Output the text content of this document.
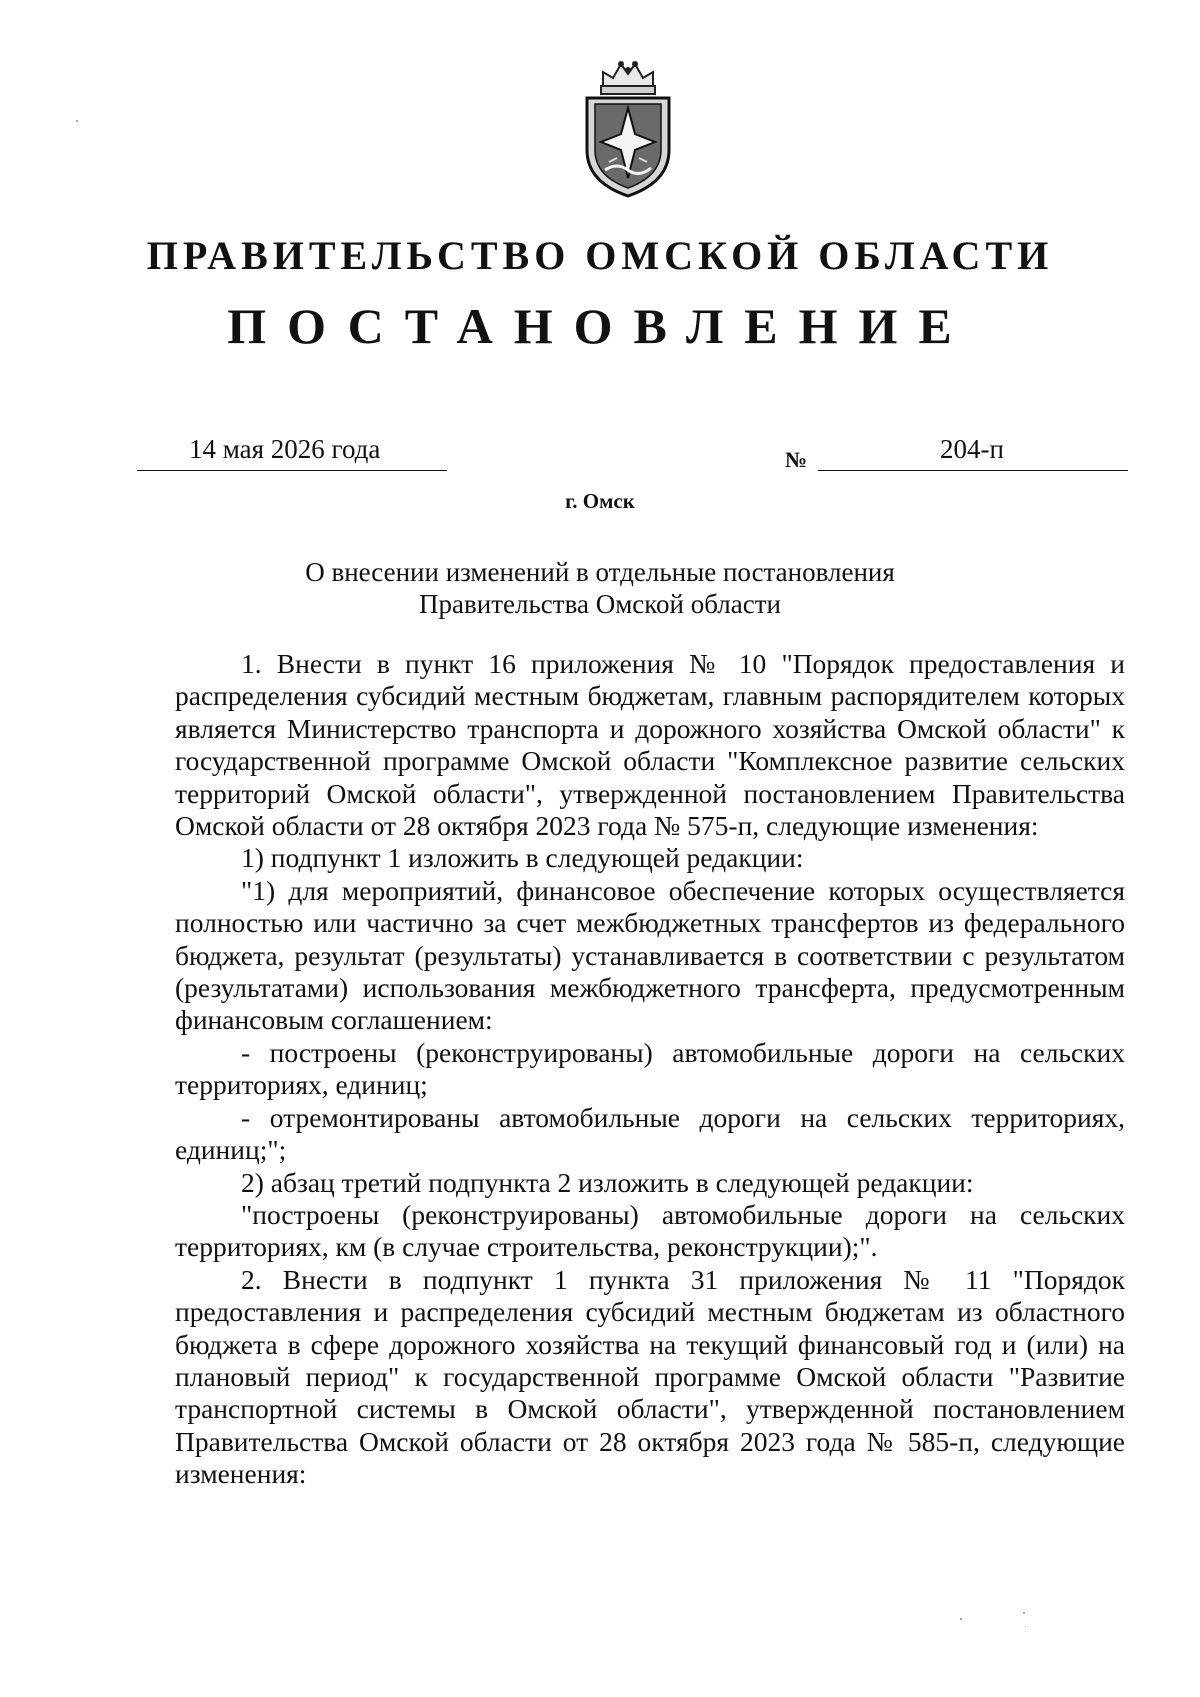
ПРАВИТЕЛЬСТВО ОМСКОЙ ОБЛАСТИ
ПОСТАНОВЛЕНИЕ
14 мая 2026 года	№	204-п
г. Омск
О внесении изменений в отдельные постановления
Правительства Омской области

1. Внести в пункт 16 приложения № 10 "Порядок предоставления и распределения субсидий местным бюджетам, главным распорядителем которых является Министерство транспорта и дорожного хозяйства Омской области" к государственной программе Омской области "Комплексное развитие сельских территорий Омской области", утвержденной постановлением Правительства Омской области от 28 октября 2023 года № 575-п, следующие изменения:

1) подпункт 1 изложить в следующей редакции:

"1) для мероприятий, финансовое обеспечение которых осуществляется полностью или частично за счет межбюджетных трансфертов из федерального бюджета, результат (результаты) устанавливается в соответствии с результатом (результатами) использования межбюджетного трансферта, предусмотренным финансовым соглашением:

- построены (реконструированы) автомобильные дороги на сельских территориях, единиц;

- отремонтированы автомобильные дороги на сельских территориях, единиц;";

2) абзац третий подпункта 2 изложить в следующей редакции:

"построены (реконструированы) автомобильные дороги на сельских территориях, км (в случае строительства, реконструкции);".

2. Внести в подпункт 1 пункта 31 приложения № 11 "Порядок предоставления и распределения субсидий местным бюджетам из областного бюджета в сфере дорожного хозяйства на текущий финансовый год и (или) на плановый период" к государственной программе Омской области "Развитие транспортной системы в Омской области", утвержденной постановлением Правительства Омской области от 28 октября 2023 года № 585-п, следующие изменения:
